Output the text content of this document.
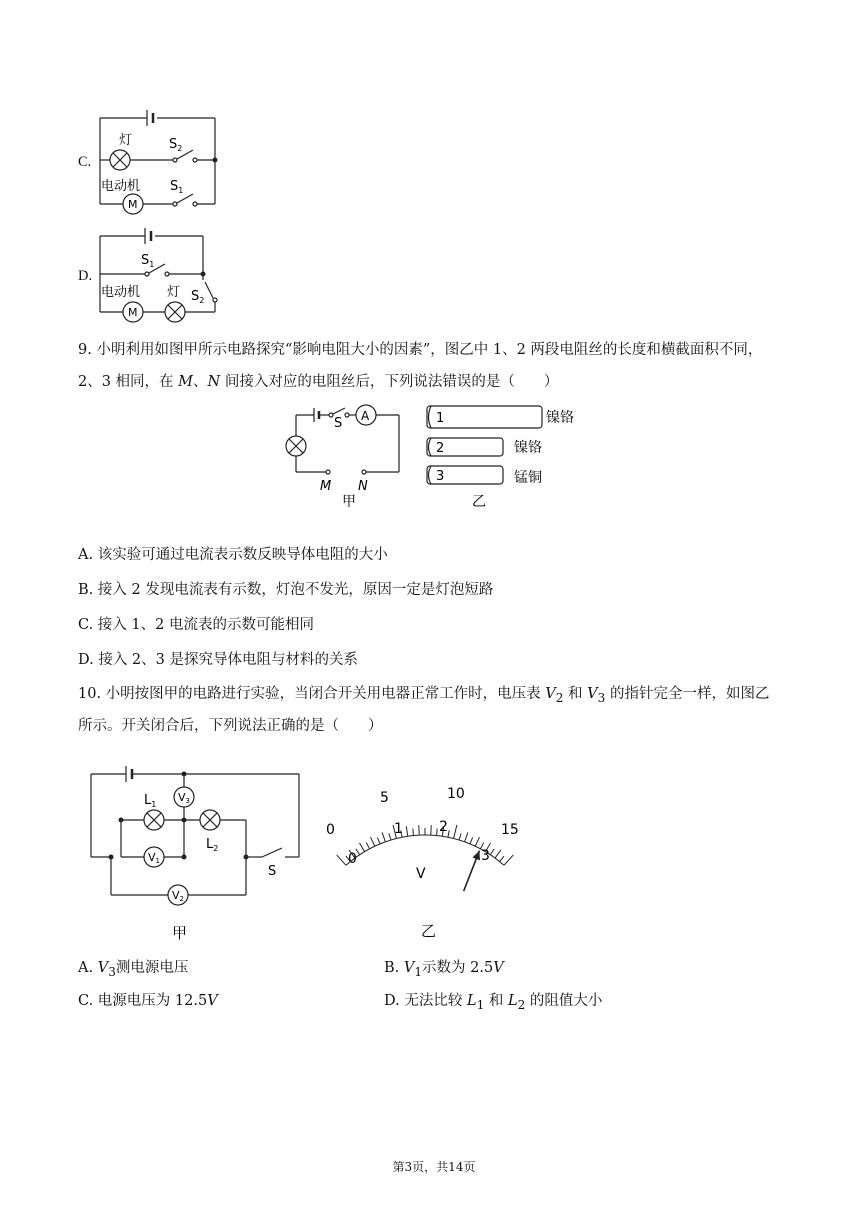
C.
灯	$S_2$
电动机 $S_1$
M
D.
$S_1$
电动机 灯 $S_2$
M
9. 小明利用如图甲所示电路探究“影响电阻大小的因素”，图乙中 1、2 两段电阻丝的长度和横截面积不同，
2、3 相同，在 M、N 间接入对应的电阻丝后，下列说法错误的是（　　）
S A
M N
甲
1	镍铬
2	镍铬
3	锰铜
乙
A. 该实验可通过电流表示数反映导体电阻的大小
B. 接入 2 发现电流表有示数，灯泡不发光，原因一定是灯泡短路
C. 接入 1、2 电流表的示数可能相同
D. 接入 2、3 是探究导体电阻与材料的关系
10. 小明按图甲的电路进行实验，当闭合开关用电器正常工作时，电压表 $V_2$ 和 $V_3$ 的指针完全一样，如图乙
所示。开关闭合后，下列说法正确的是（　　）
$L_1$
$L_2$
V3
V1
V2
S
甲
0
5	10
15
0
1	2
3
V
乙
A. $V_3$测电源电压	B. $V_1$示数为 2.5V
C. 电源电压为 12.5V	D. 无法比较 $L_1$ 和 $L_2$ 的阻值大小
第3页，共14页
